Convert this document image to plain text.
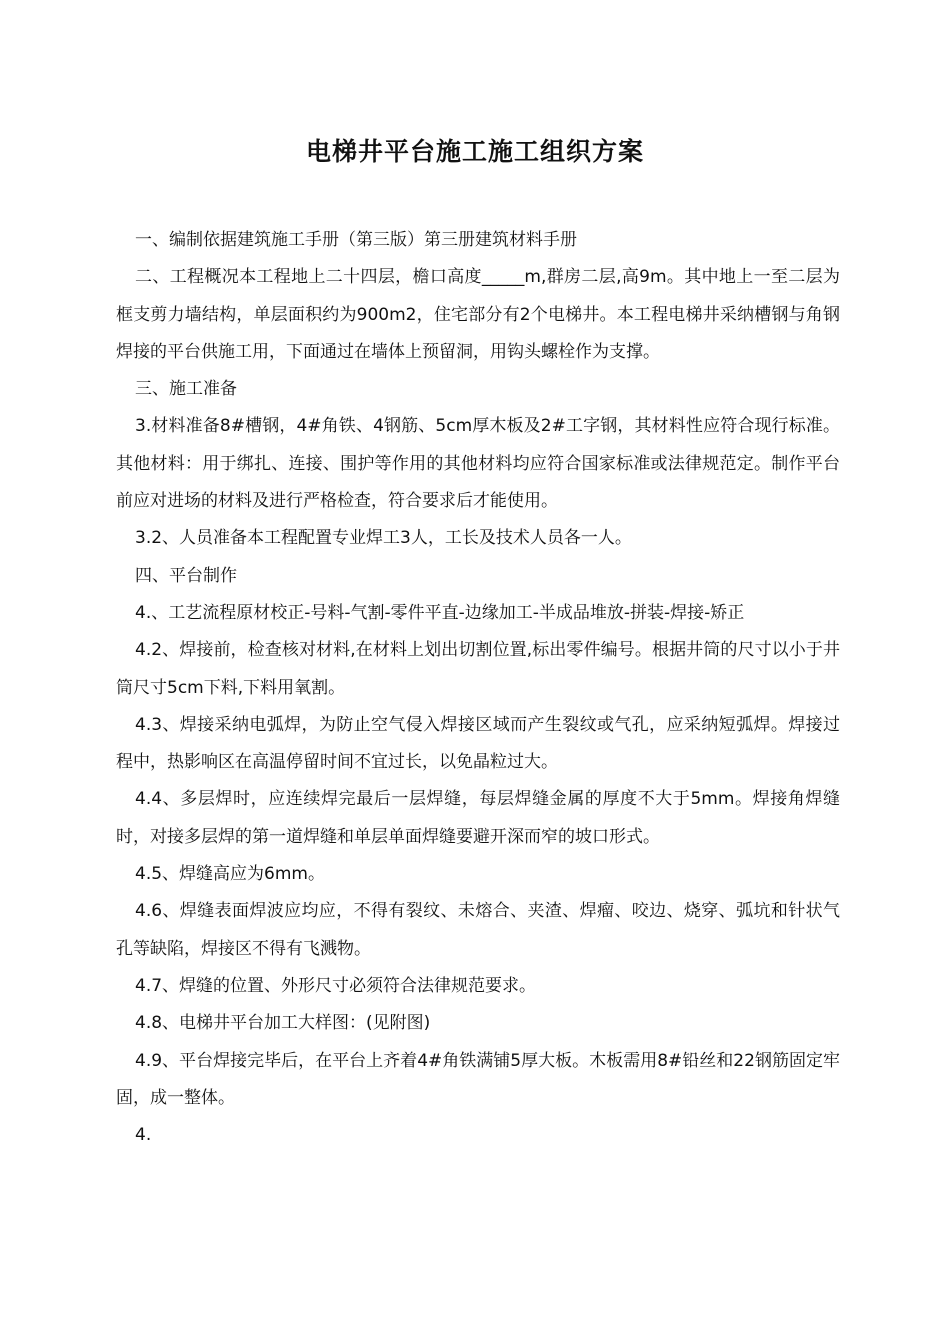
电梯井平台施工施工组织方案

一、编制依据建筑施工手册（第三版）第三册建筑材料手册

二、工程概况本工程地上二十四层，檐口高度_____m,群房二层,高9m。其中地上一至二层为框支剪力墙结构，单层面积约为900m2，住宅部分有2个电梯井。本工程电梯井采纳槽钢与角钢焊接的平台供施工用，下面通过在墙体上预留洞，用钩头螺栓作为支撑。

三、施工准备

3.材料准备8#槽钢，4#角铁、4钢筋、5cm厚木板及2#工字钢，其材料性应符合现行标准。其他材料：用于绑扎、连接、围护等作用的其他材料均应符合国家标准或法律规范定。制作平台前应对进场的材料及进行严格检查，符合要求后才能使用。

3.2、人员准备本工程配置专业焊工3人，工长及技术人员各一人。

四、平台制作

4.、工艺流程原材校正-号料-气割-零件平直-边缘加工-半成品堆放-拼装-焊接-矫正

4.2、焊接前，检查核对材料,在材料上划出切割位置,标出零件编号。根据井筒的尺寸以小于井筒尺寸5cm下料,下料用氧割。

4.3、焊接采纳电弧焊，为防止空气侵入焊接区域而产生裂纹或气孔，应采纳短弧焊。焊接过程中，热影响区在高温停留时间不宜过长，以免晶粒过大。

4.4、多层焊时，应连续焊完最后一层焊缝，每层焊缝金属的厚度不大于5mm。焊接角焊缝时，对接多层焊的第一道焊缝和单层单面焊缝要避开深而窄的坡口形式。

4.5、焊缝高应为6mm。

4.6、焊缝表面焊波应均应，不得有裂纹、未熔合、夹渣、焊瘤、咬边、烧穿、弧坑和针状气孔等缺陷，焊接区不得有飞溅物。

4.7、焊缝的位置、外形尺寸必须符合法律规范要求。

4.8、电梯井平台加工大样图：(见附图)

4.9、平台焊接完毕后，在平台上齐着4#角铁满铺5厚大板。木板需用8#铅丝和22钢筋固定牢固，成一整体。

4.
